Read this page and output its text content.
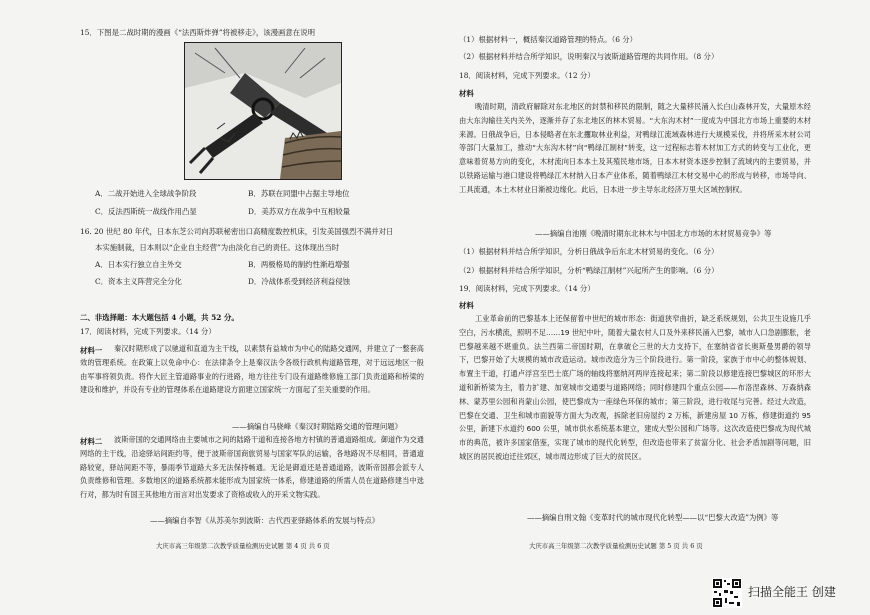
15．下图是二战时期的漫画《“法西斯炸弹”将被移走》，该漫画意在说明
A．二战开始进入全球战争阶段	B．苏联在同盟中占据主导地位
C．反法西斯统一战线作用凸显	D．美苏双方在战争中互相较量
16. 20 世纪 80 年代，日本东芝公司向苏联秘密出口高精度数控机床，引发美国强烈不满并对日
本实施制裁，日本则以“企业自主经营”为由淡化自己的责任。这体现出当时
A．日本实行独立自主外交	B．两极格局的制约性渐趋增强
C．资本主义阵营完全分化	D．冷战体系受到经济利益侵蚀
二、非选择题：本大题包括 4 小题，共 52 分。
17．阅读材料，完成下列要求。（14 分）
材料一	秦汉时期形成了以驰道和直道为主干线，以素禁有益城市为中心的陆路交通网，并建立了一整套高效的管理系统。在政策上以免命中心：在法律条令上是秦汉法令各级行政机构道路管理，对于远远地区一般由军事将领负责。将作大匠主管道路事业的行进路，地方往往专门设有道路维修施工部门负责道路和桥梁的建设和维护，并设有专业的管理体系在道路建设方面建立国家统一方面起了至关重要的作用。
——摘编自马骁峰《秦汉时期陆路交通的管理问题》
材料二	波斯帝国的交通网络由主要城市之间的陆路干道和连接各地方村镇的普通道路组成。御道作为交通网络的主干线，沿途驿站间距约等，便于波斯帝国商旅贸易与国家军队的运输，各地路况不尽相同，普通道路较宽，驿站间距不等，暴雨季节道路大多无法保持畅通。无论是御道还是普通道路，波斯帝国都会派专人负责维修和管理。多数地区的道路系统都未能形成为国家统一体系，修建道路的所需人员在道路修建当中选行对，都为时有国王其他地方而言对出发要求了资格或收入的开采文物实践。
——摘编自李智《从苏美尔到波斯：古代西亚驿路体系的发展与特点》
大庆市高三年级第二次教学质量检测历史试题 第 4 页 共 6 页
（1）根据材料一，概括秦汉道路管理的特点。（6 分）
（2）根据材料并结合所学知识，说明秦汉与波斯道路管理的共同作用。（8 分）
18．阅读材料，完成下列要求。（12 分）
材料
晚清时期，清政府解除对东北地区的封禁和移民的限制，随之大量移民涌入长白山森林开发，大量原木经由大东沟输往关内关外，逐渐并存了东北地区的林木贸易。“大东沟木材”一度成为中国北方市场上重要的木材来源。日俄战争后，日本侵略者在东北攫取林业利益，对鸭绿江流域森林进行大规模采伐，并将所采木材公司等部门大量加工，推动“大东沟木材”向“鸭绿江制材”转变，这一过程标志着木材加工方式的转变与工业化，更意味着贸易方向的变化，木材流向日本本土及其殖民地市场，日本木材资本逐步控制了流域内的主要贸易，并以铁路运输与港口建设将鸭绿江木材纳入日本产业体系，随着鸭绿江木材交易中心的形成与转移，市场导向、工具流通，本土木材业日渐被边缘化。此后，日本进一步主导东北经济万里大区域控制权。
——摘编自池刚《晚清时期东北林木与中国北方市场的木材贸易竞争》等
（1）根据材料并结合所学知识，分析日俄战争后东北木材贸易的变化。（6 分）
（2）根据材料并结合所学知识，分析“鸭绿江制材”兴起所产生的影响。（6 分）
19．阅读材料，完成下列要求。（14 分）
材料
工业革命前的巴黎基本上还保留着中世纪的城市形态：街道狭窄曲折，缺乏系统规划，公共卫生设施几乎空白，污水横流，照明不足……19 世纪中叶，随着大量农村人口及外来移民涌入巴黎，城市人口急剧膨胀，老巴黎越来越不堪重负。法兰西第二帝国时期，在拿破仑三世的大力支持下，在塞纳省省长奥斯曼男爵的领导下，巴黎开始了大规模的城市改造运动。城市改造分为三个阶段进行。第一阶段，家族于市中心的整体规划、布置主干道，打通卢浮宫至巴士底广场的轴线将塞纳河两岸连接起来；第二阶段以修建连接巴黎城区的环形大道和新桥梁为主，着力扩建、加宽城市交通要与道路网络；同时修建四个重点公园——布洛涅森林、万森纳森林、蒙苏里公园和肖蒙山公园，使巴黎成为一座绿色环保的城市；第三阶段，进行收尾与完善。经过大改造，巴黎在交通、卫生和城市面貌等方面大为改观，拆除老旧房屋约 2 万栋，新建房屋 10 万栋，修建街道约 95 公里，新建下水道约 600 公里，城市供水系统基本建立，建成大型公园和广场等。这次改造使巴黎成为现代城市的典范，被许多国家借鉴，实现了城市的现代化转型，但改造也带来了贫富分化、社会矛盾加剧等问题，旧城区的居民被迫迁往郊区，城市周边形成了巨大的贫民区。
——摘编自刑文翰《变革时代的城市现代化转型——以“巴黎大改造”为例》等
大庆市高三年级第二次教学质量检测历史试题 第 5 页 共 6 页
扫描全能王 创建
